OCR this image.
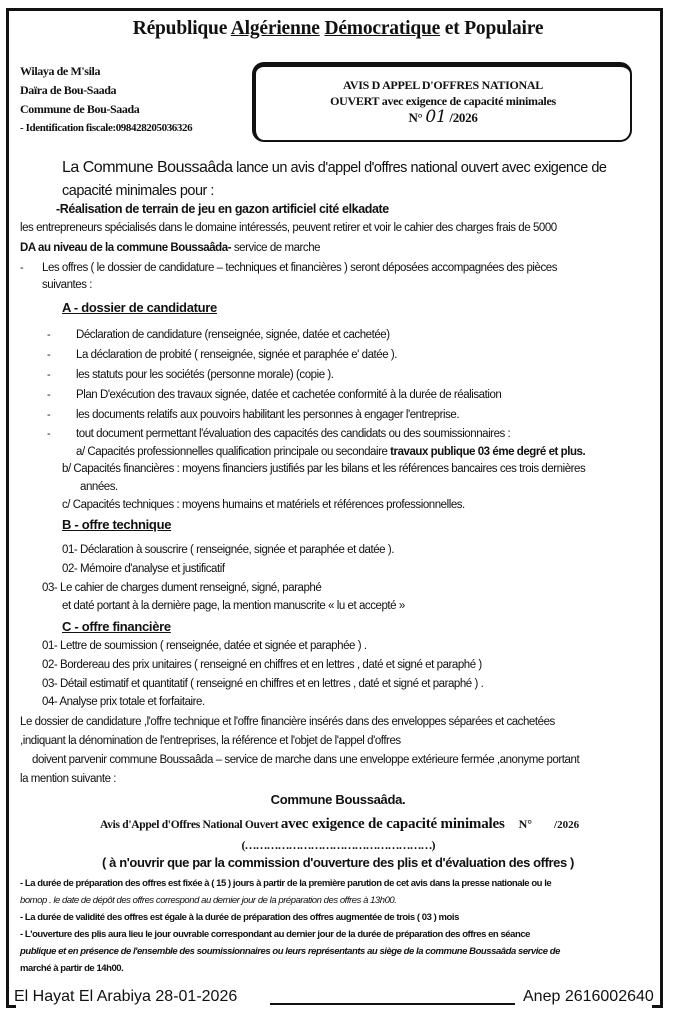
République Algérienne Démocratique et Populaire
Wilaya de M'sila
Daïra de Bou-Saada
Commune de Bou-Saada
- Identification fiscale:098428205036326
AVIS D APPEL D'OFFRES NATIONAL
OUVERT avec exigence de capacité minimales
N° 01 /2026
La Commune Boussaâda lance un avis d'appel d'offres national ouvert avec exigence de capacité minimales pour :
-Réalisation de terrain de jeu en gazon artificiel cité elkadate
les entrepreneurs spécialisés dans le domaine intéressés, peuvent retirer et voir le cahier des charges frais de 5000
DA au niveau de la commune Boussaâda- service de marche
- Les offres ( le dossier de candidature – techniques et financières ) seront déposées accompagnées des pièces
suivantes :
A - dossier de candidature
- Déclaration de candidature (renseignée, signée, datée et cachetée)
- La déclaration de probité ( renseignée, signée et paraphée e' datée ).
- les statuts pour les sociétés (personne morale) (copie ).
- Plan D'exécution des travaux signée, datée et cachetée conformité à la durée de réalisation
- les documents relatifs aux pouvoirs habilitant les personnes à engager l'entreprise.
- tout document permettant l'évaluation des capacités des candidats ou des soumissionnaires :
a/ Capacités professionnelles qualification principale ou secondaire travaux publique 03 éme degré et plus.
b/ Capacités financières : moyens financiers justifiés par les bilans et les références bancaires ces trois dernières
années.
c/ Capacités techniques : moyens humains et matériels et références professionnelles.
B - offre technique
01- Déclaration à souscrire ( renseignée, signée et paraphée et datée ).
02- Mémoire d'analyse et justificatif
03- Le cahier de charges dument renseigné, signé, paraphé
et daté portant à la dernière page, la mention manuscrite « lu et accepté »
C - offre financière
01- Lettre de soumission ( renseignée, datée et signée et paraphée ) .
02- Bordereau des prix unitaires ( renseigné en chiffres et en lettres , daté et signé et paraphé )
03- Détail estimatif et quantitatif ( renseigné en chiffres et en lettres , daté et signé et paraphé ) .
04- Analyse prix totale et forfaitaire.
Le dossier de candidature ,l'offre technique et l'offre financière insérés dans des enveloppes séparées et cachetées
,indiquant la dénomination de l'entreprises, la référence et l'objet de l'appel d'offres
doivent parvenir commune Boussaâda – service de marche dans une enveloppe extérieure fermée ,anonyme portant
la mention suivante :
Commune Boussaâda.
Avis d'Appel d'Offres National Ouvert avec exigence de capacité minimales N° /2026
(……………………………………………)
( à n'ouvrir que par la commission d'ouverture des plis et d'évaluation des offres )
- La durée de préparation des offres est fixée à ( 15 ) jours à partir de la première parution de cet avis dans la presse nationale ou le
bomop . le date de dépôt des offres correspond au dernier jour de la préparation des offres à 13h00.
- La durée de validité des offres est égale à la durée de préparation des offres augmentée de trois ( 03 ) mois
- L'ouverture des plis aura lieu le jour ouvrable correspondant au dernier jour de la durée de préparation des offres en séance
publique et en présence de l'ensemble des soumissionnaires ou leurs représentants au siège de la commune Boussaâda service de
marché à partir de 14h00.
El Hayat El Arabiya 28-01-2026	Anep 2616002640
